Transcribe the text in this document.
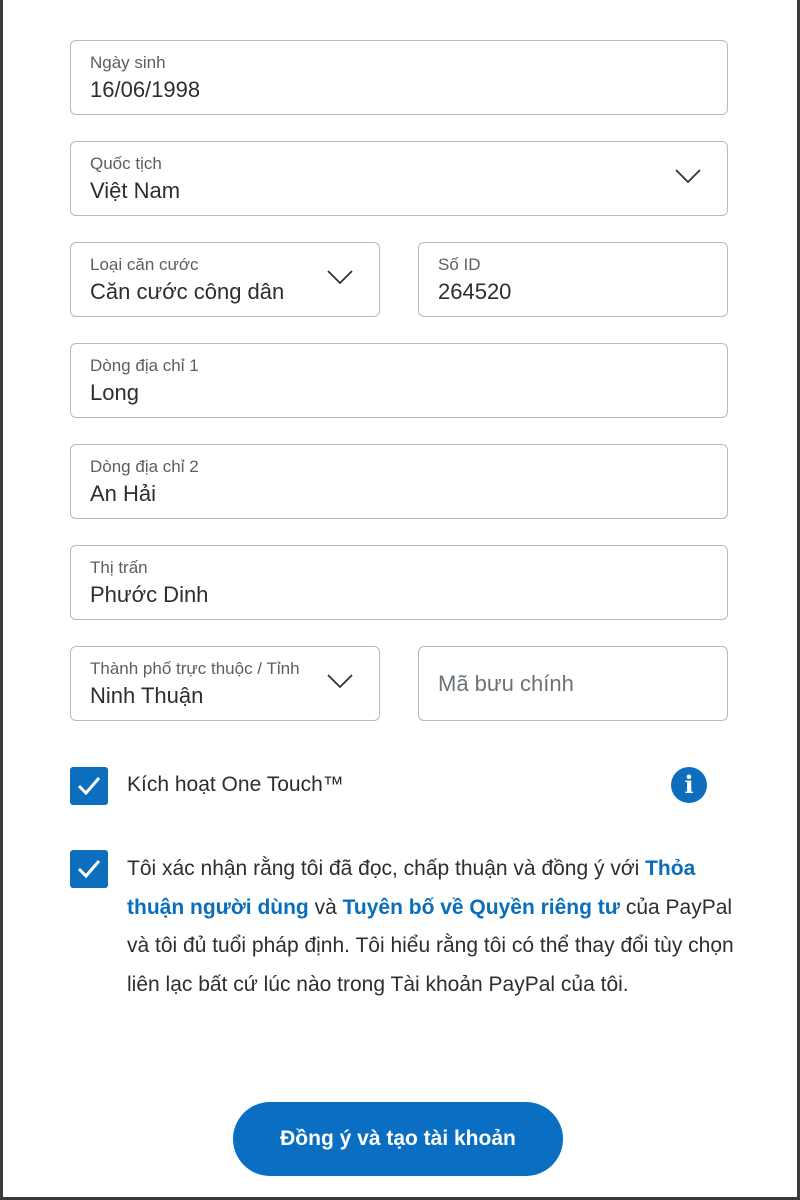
Ngày sinh
16/06/1998
Quốc tịch
Việt Nam
Loại căn cước
Căn cước công dân
Số ID
264520
Dòng địa chỉ 1
Long
Dòng địa chỉ 2
An Hải
Thị trấn
Phước Dinh
Thành phố trực thuộc / Tỉnh
Ninh Thuận	Mã bưu chính
Kích hoạt One Touch™	i

Tôi xác nhận rằng tôi đã đọc, chấp thuận và đồng ý với Thỏa thuận người dùng và Tuyên bố về Quyền riêng tư của PayPal và tôi đủ tuổi pháp định. Tôi hiểu rằng tôi có thể thay đổi tùy chọn liên lạc bất cứ lúc nào trong Tài khoản PayPal của tôi.

Đồng ý và tạo tài khoản
